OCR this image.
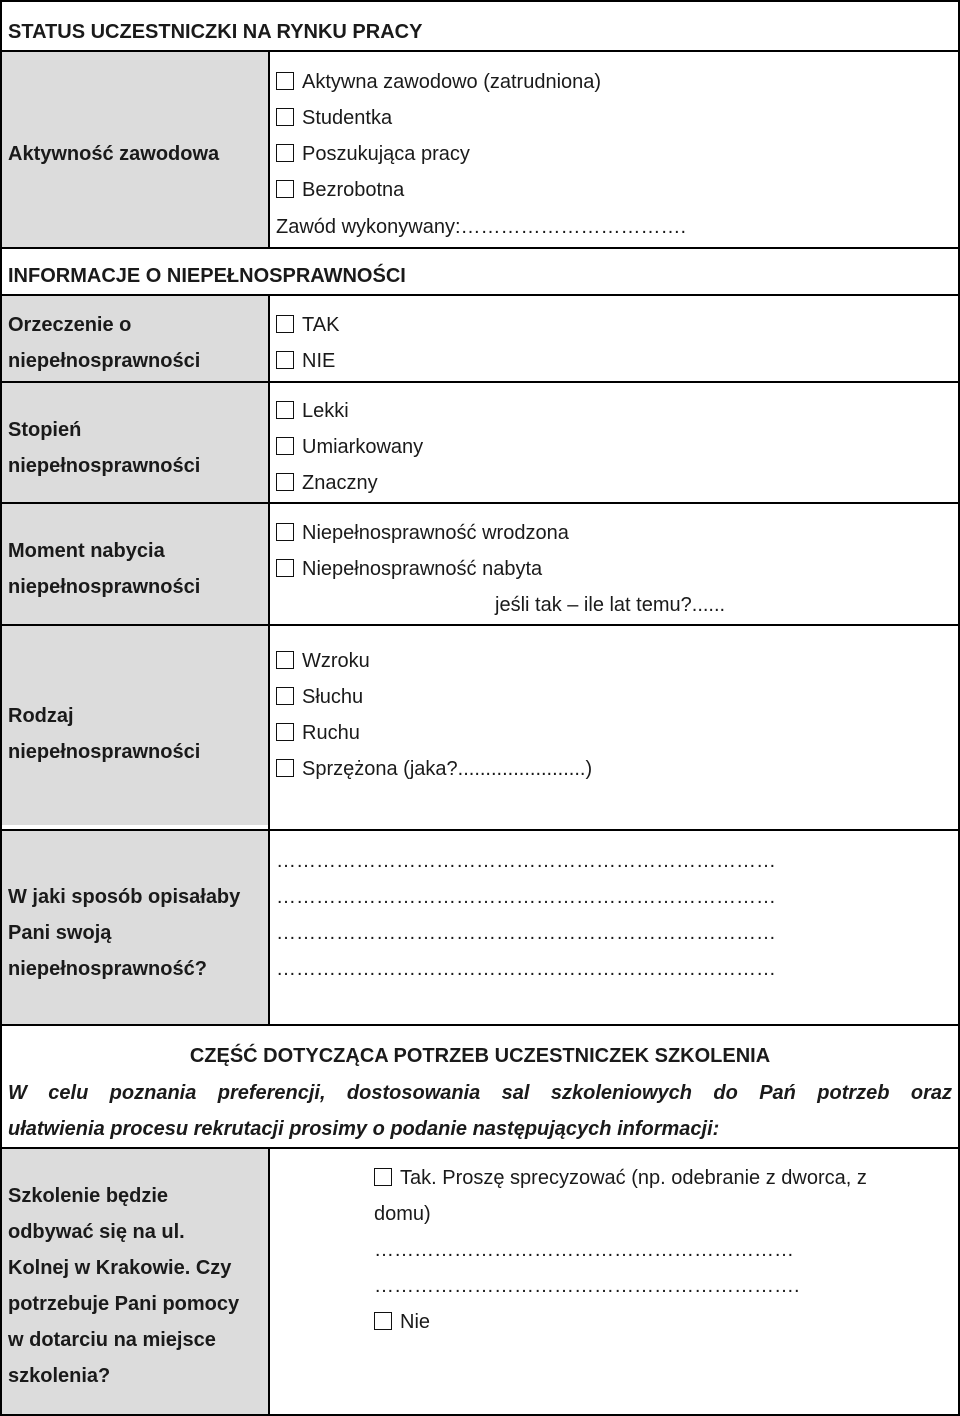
STATUS UCZESTNICZKI NA RYNKU PRACY
Aktywność zawodowa
Aktywna zawodowo (zatrudniona)
Studentka
Poszukująca pracy
Bezrobotna
Zawód wykonywany:…………………………….
INFORMACJE O NIEPEŁNOSPRAWNOŚCI
Orzeczenie o
niepełnosprawności
TAK
NIE
Stopień
niepełnosprawności
Lekki
Umiarkowany
Znaczny
Moment nabycia
niepełnosprawności
Niepełnosprawność wrodzona
Niepełnosprawność nabyta
jeśli tak – ile lat temu?......
Rodzaj
niepełnosprawności
Wzroku
Słuchu
Ruchu
Sprzężona (jaka?.......................)
W jaki sposób opisałaby
Pani swoją
niepełnosprawność?
…………………………………………………………………
…………………………………………………………………
…………………………………………………………………
…………………………………………………………………
CZĘŚĆ DOTYCZĄCA POTRZEB UCZESTNICZEK SZKOLENIA
W celu poznania preferencji, dostosowania sal szkoleniowych do Pań potrzeb oraz
ułatwienia procesu rekrutacji prosimy o podanie następujących informacji:
Szkolenie będzie
odbywać się na ul.
Kolnej w Krakowie. Czy
potrzebuje Pani pomocy
w dotarciu na miejsce
szkolenia?
Tak. Proszę sprecyzować (np. odebranie z dworca, z
domu)
………………………………………………………
……………………………………………………….
Nie
